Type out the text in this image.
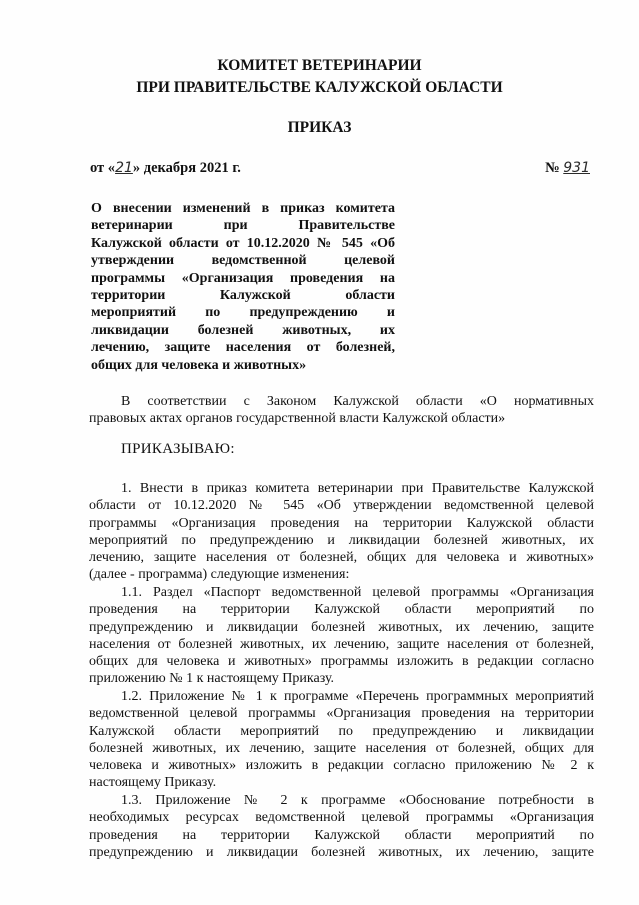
КОМИТЕТ ВЕТЕРИНАРИИ
ПРИ ПРАВИТЕЛЬСТВЕ КАЛУЖСКОЙ ОБЛАСТИ
ПРИКАЗ
от «21» декабря 2021 г.	№ 931
О внесении изменений в приказ комитета
ветеринарии при Правительстве
Калужской области от 10.12.2020 № 545 «Об
утверждении ведомственной целевой
программы «Организация проведения на
территории Калужской области
мероприятий по предупреждению и
ликвидации болезней животных, их
лечению, защите населения от болезней,
общих для человека и животных»
В соответствии с Законом Калужской области «О нормативных
правовых актах органов государственной власти Калужской области»
ПРИКАЗЫВАЮ:
1. Внести в приказ комитета ветеринарии при Правительстве Калужской
области от 10.12.2020 № 545 «Об утверждении ведомственной целевой
программы «Организация проведения на территории Калужской области
мероприятий по предупреждению и ликвидации болезней животных, их
лечению, защите населения от болезней, общих для человека и животных»
(далее - программа) следующие изменения:
1.1. Раздел «Паспорт ведомственной целевой программы «Организация
проведения на территории Калужской области мероприятий по
предупреждению и ликвидации болезней животных, их лечению, защите
населения от болезней животных, их лечению, защите населения от болезней,
общих для человека и животных» программы изложить в редакции согласно
приложению № 1 к настоящему Приказу.
1.2. Приложение № 1 к программе «Перечень программных мероприятий
ведомственной целевой программы «Организация проведения на территории
Калужской области мероприятий по предупреждению и ликвидации
болезней животных, их лечению, защите населения от болезней, общих для
человека и животных» изложить в редакции согласно приложению № 2 к
настоящему Приказу.
1.3. Приложение № 2 к программе «Обоснование потребности в
необходимых ресурсах ведомственной целевой программы «Организация
проведения на территории Калужской области мероприятий по
предупреждению и ликвидации болезней животных, их лечению, защите
